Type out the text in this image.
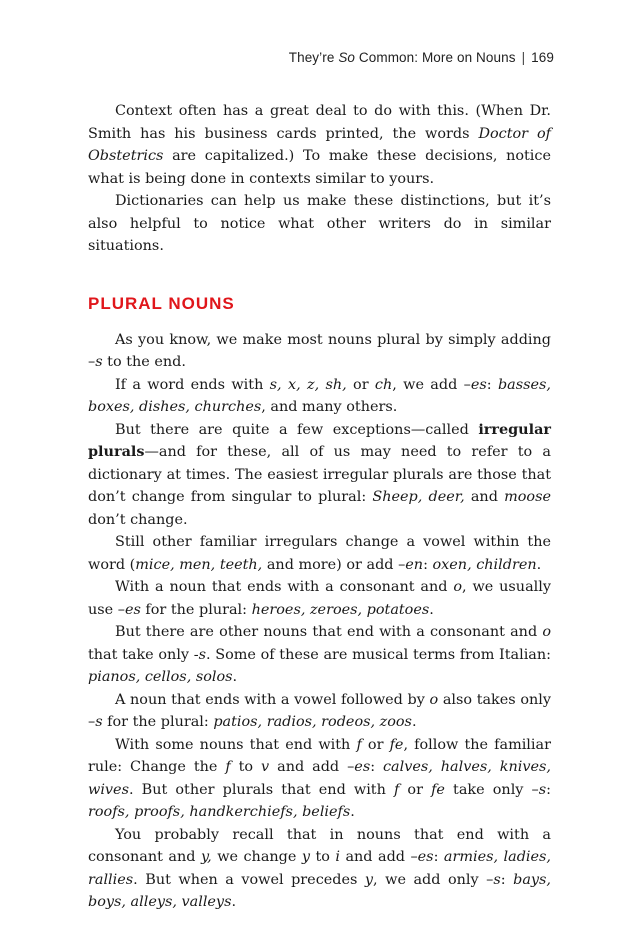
They’re So Common: More on Nouns | 169

Context often has a great deal to do with this. (When Dr. Smith has his business cards printed, the words Doctor of Obstetrics are capitalized.) To make these decisions, notice what is being done in contexts similar to yours.

Dictionaries can help us make these distinctions, but it’s also helpful to notice what other writers do in similar situations.

PLURAL NOUNS

As you know, we make most nouns plural by simply adding –s to the end.

If a word ends with s, x, z, sh, or ch, we add –es: basses, boxes, dishes, churches, and many others.

But there are quite a few exceptions—called irregular plurals—and for these, all of us may need to refer to a dictionary at times. The easiest irregular plurals are those that don’t change from singular to plural: Sheep, deer, and moose don’t change.

Still other familiar irregulars change a vowel within the word (mice, men, teeth, and more) or add –en: oxen, children.

With a noun that ends with a consonant and o, we usually use –es for the plural: heroes, zeroes, potatoes.

But there are other nouns that end with a consonant and o that take only -s. Some of these are musical terms from Italian: pianos, cellos, solos.

A noun that ends with a vowel followed by o also takes only –s for the plural: patios, radios, rodeos, zoos.

With some nouns that end with f or fe, follow the familiar rule: Change the f to v and add –es: calves, halves, knives, wives. But other plurals that end with f or fe take only –s: roofs, proofs, handkerchiefs, beliefs.

You probably recall that in nouns that end with a consonant and y, we change y to i and add –es: armies, ladies, rallies. But when a vowel precedes y, we add only –s: bays, boys, alleys, valleys.
